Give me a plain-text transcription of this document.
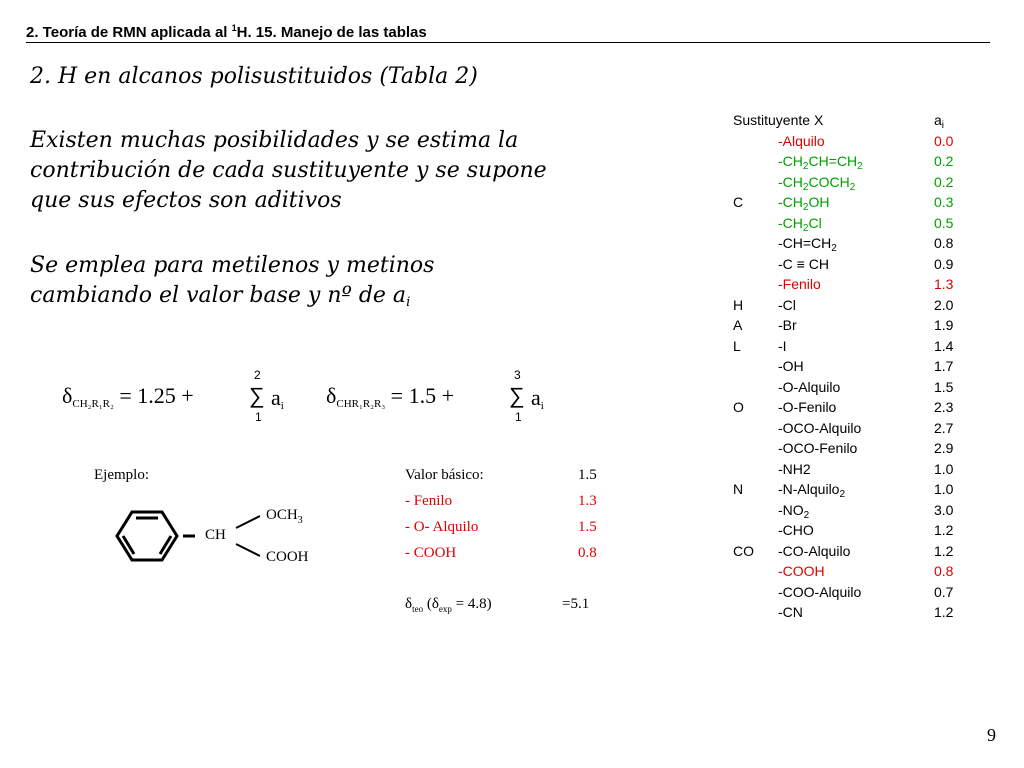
2. Teoría de RMN aplicada al $^1$H. 15. Manejo de las tablas
2. H en alcanos polisustituidos (Tabla 2)
Existen muchas posibilidades y se estima la
contribución de cada sustituyente y se supone
que sus efectos son aditivos
Se emplea para metilenos y metinos
cambiando el valor base y nº de $a_i$
$\delta_{CH_2R_1R_2} = 1.25$ +
2
∑
1
$a_i$ $\delta_{CHR_1R_2R_3} = 1.5$ +
3
∑
1
$a_i$
Ejemplo:
CH
$OCH_3$
COOH
Valor básico:	1.5
- Fenilo	1.3
- O- Alquilo	1.5
- COOH	0.8
$\delta_{teo}$ $(\delta_{exp} = 4.8)$	=5.1
Sustituyente X		$a_i$
	-Alquilo	0.0
	$-CH_2CH=CH_2$	0.2
	$-CH_2COCH_2$	0.2
C	$-CH_2OH$	0.3
	$-CH_2Cl$	0.5
	$-CH=CH_2$	0.8
	-C ≡ CH	0.9
	-Fenilo	1.3
H	-Cl	2.0
A	-Br	1.9
L	-I	1.4
	-OH	1.7
	-O-Alquilo	1.5
O	-O-Fenilo	2.3
	-OCO-Alquilo	2.7
	-OCO-Fenilo	2.9
	-NH2	1.0
N	-N-Alquilo$_2$	1.0
	$-NO_2$	3.0
	-CHO	1.2
CO	-CO-Alquilo	1.2
	-COOH	0.8
	-COO-Alquilo	0.7
	-CN	1.2
9
